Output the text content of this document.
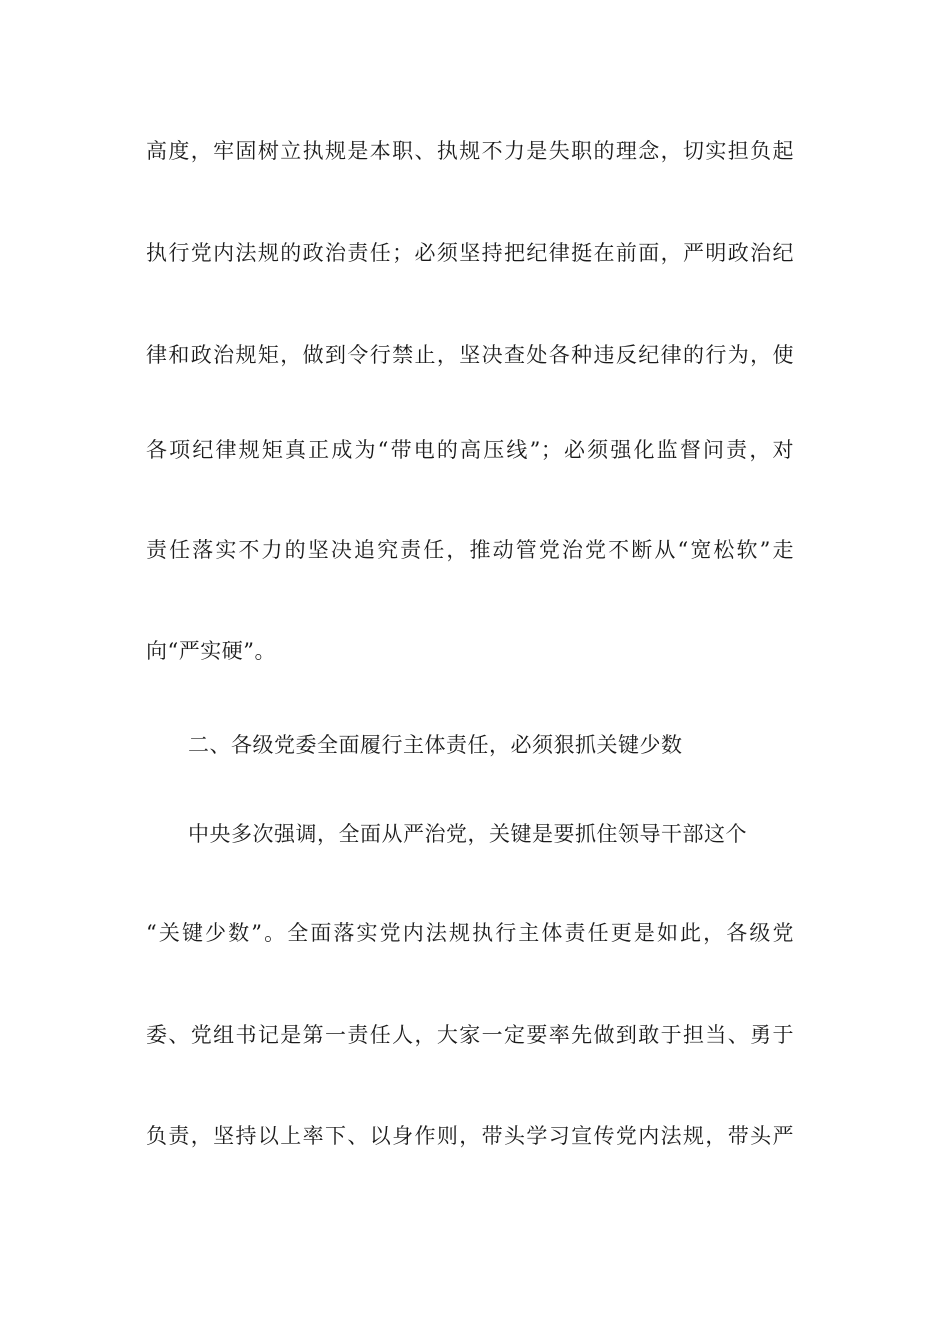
高度，牢固树立执规是本职、执规不力是失职的理念，切实担负起
执行党内法规的政治责任；必须坚持把纪律挺在前面，严明政治纪
律和政治规矩，做到令行禁止，坚决查处各种违反纪律的行为，使
各项纪律规矩真正成为“带电的高压线”；必须强化监督问责，对
责任落实不力的坚决追究责任，推动管党治党不断从“宽松软”走
向“严实硬”。
二、各级党委全面履行主体责任，必须狠抓关键少数
中央多次强调，全面从严治党，关键是要抓住领导干部这个
“关键少数”。全面落实党内法规执行主体责任更是如此，各级党
委、党组书记是第一责任人，大家一定要率先做到敢于担当、勇于
负责，坚持以上率下、以身作则，带头学习宣传党内法规，带头严
